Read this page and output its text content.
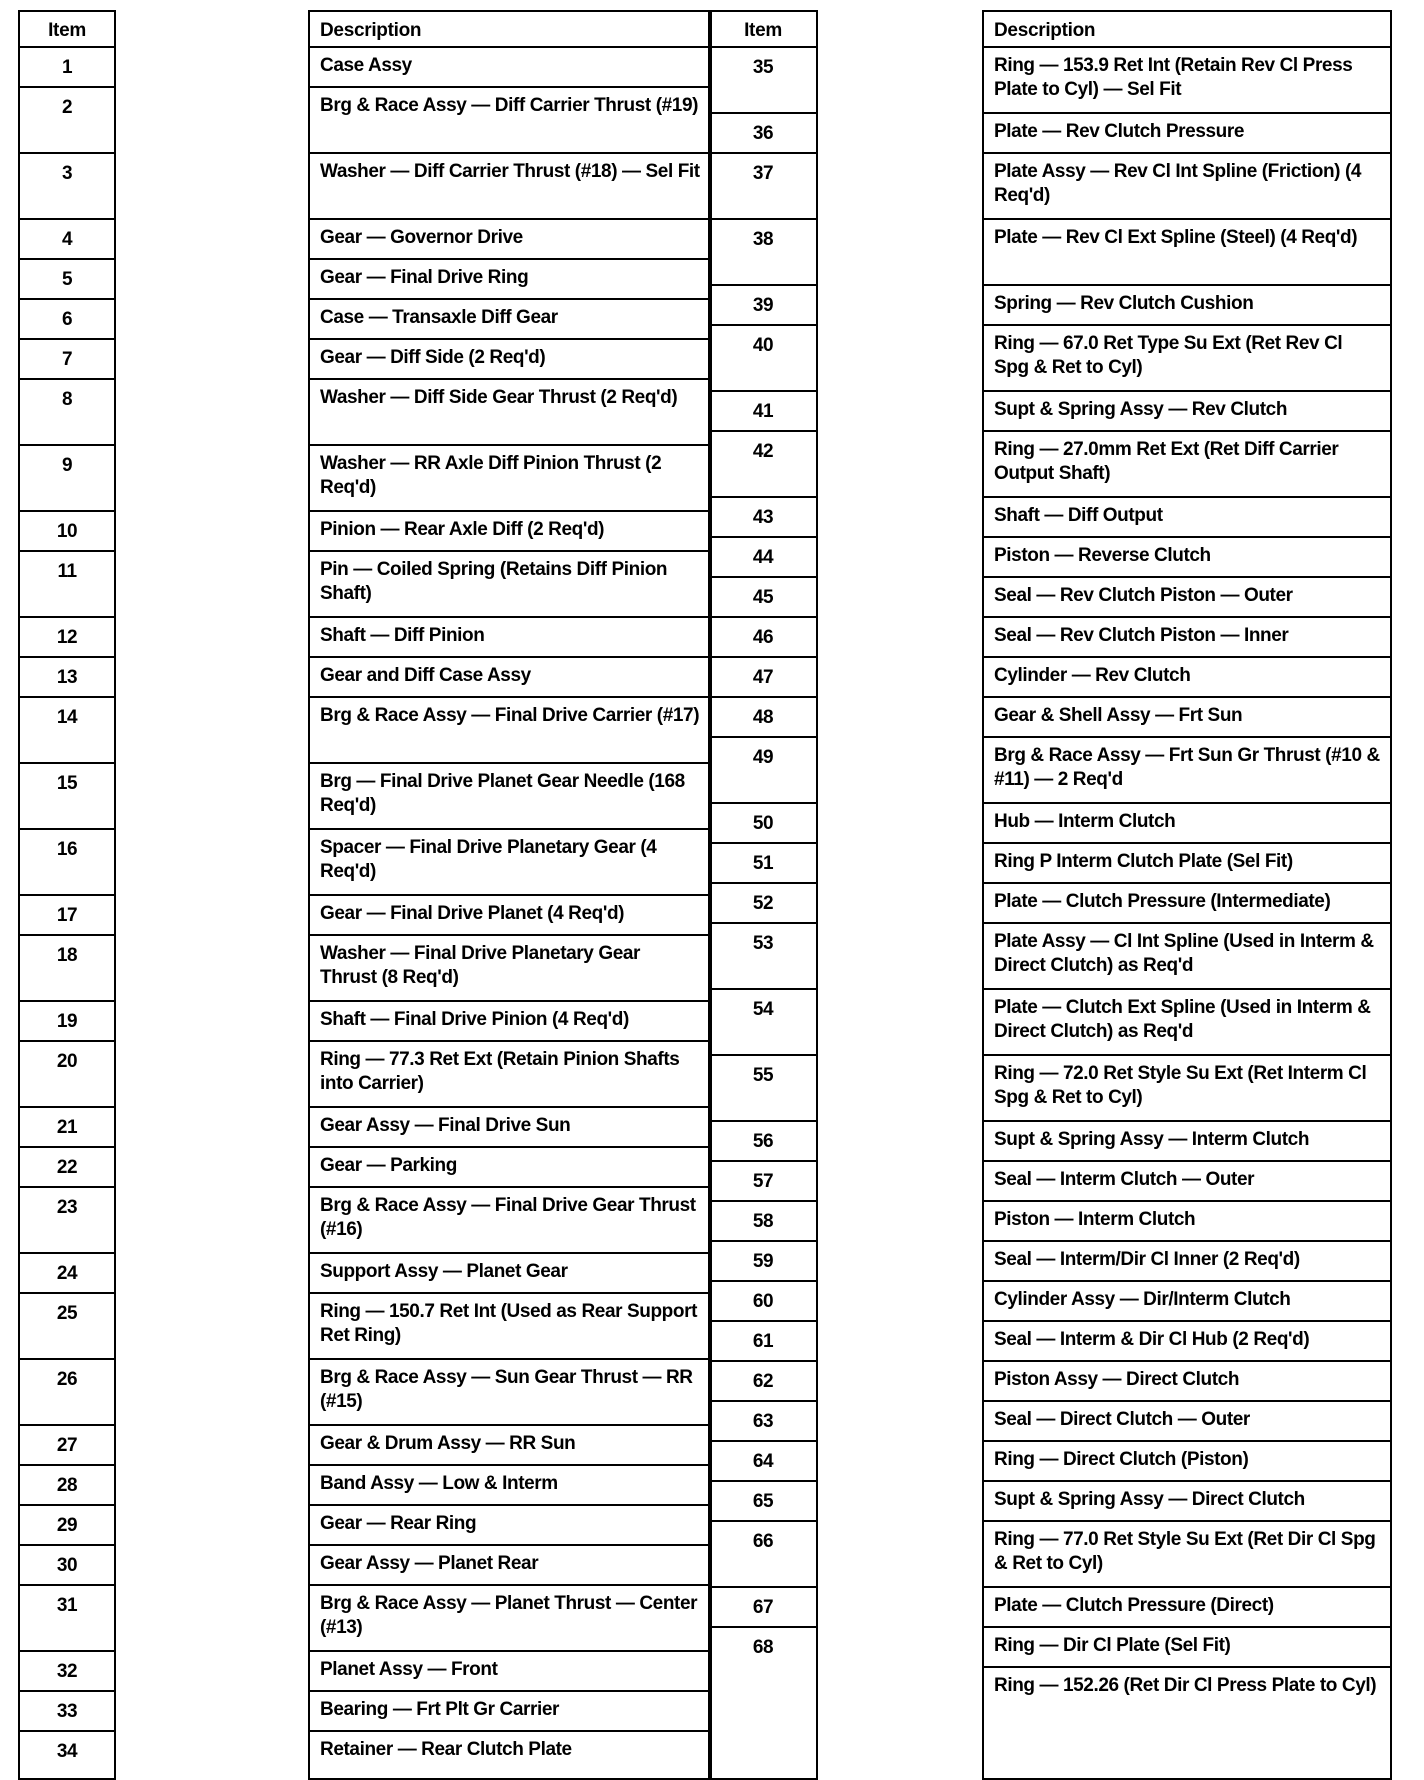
Item
1
2
3
4
5
6
7
8
9
10
11
12
13
14
15
16
17
18
19
20
21
22
23
24
25
26
27
28
29
30
31
32
33
34
Description
Case Assy
Brg & Race Assy — Diff Carrier Thrust (#19)
Washer — Diff Carrier Thrust (#18) — Sel Fit
Gear — Governor Drive
Gear — Final Drive Ring
Case — Transaxle Diff Gear
Gear — Diff Side (2 Req'd)
Washer — Diff Side Gear Thrust (2 Req'd)
Washer — RR Axle Diff Pinion Thrust (2 Req'd)
Pinion — Rear Axle Diff (2 Req'd)
Pin — Coiled Spring (Retains Diff Pinion Shaft)
Shaft — Diff Pinion
Gear and Diff Case Assy
Brg & Race Assy — Final Drive Carrier (#17)
Brg — Final Drive Planet Gear Needle (168 Req'd)
Spacer — Final Drive Planetary Gear (4 Req'd)
Gear — Final Drive Planet (4 Req'd)
Washer — Final Drive Planetary Gear Thrust (8 Req'd)
Shaft — Final Drive Pinion (4 Req'd)
Ring — 77.3 Ret Ext (Retain Pinion Shafts into Carrier)
Gear Assy — Final Drive Sun
Gear — Parking
Brg & Race Assy — Final Drive Gear Thrust (#16)
Support Assy — Planet Gear
Ring — 150.7 Ret Int (Used as Rear Support Ret Ring)
Brg & Race Assy — Sun Gear Thrust — RR (#15)
Gear & Drum Assy — RR Sun
Band Assy — Low & Interm
Gear — Rear Ring
Gear Assy — Planet Rear
Brg & Race Assy — Planet Thrust — Center (#13)
Planet Assy — Front
Bearing — Frt Plt Gr Carrier
Retainer — Rear Clutch Plate
Item
35
36
37
38
39
40
41
42
43
44
45
46
47
48
49
50
51
52
53
54
55
56
57
58
59
60
61
62
63
64
65
66
67
68
Description
Ring — 153.9 Ret Int (Retain Rev Cl Press Plate to Cyl) — Sel Fit
Plate — Rev Clutch Pressure
Plate Assy — Rev Cl Int Spline (Friction) (4 Req'd)
Plate — Rev Cl Ext Spline (Steel) (4 Req'd)
Spring — Rev Clutch Cushion
Ring — 67.0 Ret Type Su Ext (Ret Rev Cl Spg & Ret to Cyl)
Supt & Spring Assy — Rev Clutch
Ring — 27.0mm Ret Ext (Ret Diff Carrier Output Shaft)
Shaft — Diff Output
Piston — Reverse Clutch
Seal — Rev Clutch Piston — Outer
Seal — Rev Clutch Piston — Inner
Cylinder — Rev Clutch
Gear & Shell Assy — Frt Sun
Brg & Race Assy — Frt Sun Gr Thrust (#10 & #11) — 2 Req'd
Hub — Interm Clutch
Ring P Interm Clutch Plate (Sel Fit)
Plate — Clutch Pressure (Intermediate)
Plate Assy — Cl Int Spline (Used in Interm & Direct Clutch) as Req'd
Plate — Clutch Ext Spline (Used in Interm & Direct Clutch) as Req'd
Ring — 72.0 Ret Style Su Ext (Ret Interm Cl Spg & Ret to Cyl)
Supt & Spring Assy — Interm Clutch
Seal — Interm Clutch — Outer
Piston — Interm Clutch
Seal — Interm/Dir Cl Inner (2 Req'd)
Cylinder Assy — Dir/Interm Clutch
Seal — Interm & Dir Cl Hub (2 Req'd)
Piston Assy — Direct Clutch
Seal — Direct Clutch — Outer
Ring — Direct Clutch (Piston)
Supt & Spring Assy — Direct Clutch
Ring — 77.0 Ret Style Su Ext (Ret Dir Cl Spg & Ret to Cyl)
Plate — Clutch Pressure (Direct)
Ring — Dir Cl Plate (Sel Fit)
Ring — 152.26 (Ret Dir Cl Press Plate to Cyl)
